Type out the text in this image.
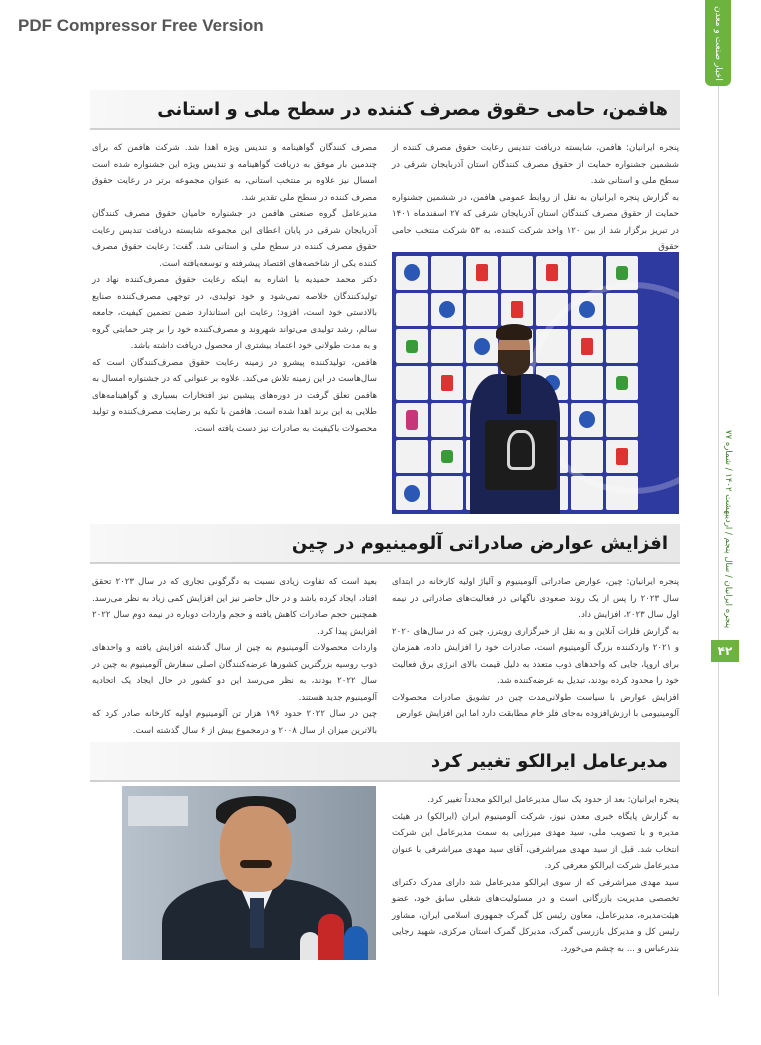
PDF Compressor Free Version	اخبار صنعت و معدن
پنجره ایرانیان / سال پنجم / اردیبهشت ۱۴۰۲ / شماره ۷۷
۴۲
هافمن، حامی حقوق مصرف کننده در سطح ملی و استانی

پنجره ایرانیان: هافمن، شایسته دریافت تندیس رعایت حقوق مصرف کننده از ششمین جشنواره حمایت از حقوق مصرف کنندگان استان آذربایجان شرقی در سطح ملی و استانی شد.

به گزارش پنجره ایرانیان به نقل از روابط عمومی هافمن، در ششمین جشنواره حمایت از حقوق مصرف کنندگان استان آذربایجان شرقی که ۲۷ اسفندماه ۱۴۰۱ در تبریز برگزار شد از بین ۱۲۰ واحد شرکت کننده، به ۵۳ شرکت منتخب حامی حقوق

مصرف کنندگان گواهینامه و تندیس ویژه اهدا شد. شرکت هافمن که برای چندمین بار موفق به دریافت گواهینامه و تندیس ویژه این جشنواره شده است امسال نیز علاوه بر منتخب استانی، به عنوان مجموعه برتر در رعایت حقوق مصرف کننده در سطح ملی تقدیر شد.

مدیرعامل گروه صنعتی هافمن در جشنواره حامیان حقوق مصرف کنندگان آذربایجان شرقی در پایان اعطای این مجموعه شایسته دریافت تندیس رعایت حقوق مصرف کننده در سطح ملی و استانی شد. گفت: رعایت حقوق مصرف کننده یکی از شاخصه‌های اقتصاد پیشرفته و توسعه‌یافته است.

دکتر محمد حمیدیه با اشاره به اینکه رعایت حقوق مصرف‌کننده نهاد در تولیدکنندگان خلاصه نمی‌شود و خود تولیدی، در توجهی مصرف‌کننده صنایع بالادستی خود است، افزود: رعایت این استاندارد ضمن تضمین کیفیت، جامعه سالم، رشد تولیدی می‌تواند شهروند و مصرف‌کننده خود را بر چتر حمایتی گروه و به مدت طولانی خود اعتماد بیشتری از محصول دریافت داشته باشد.

هافمن، تولیدکننده پیشرو در زمینه رعایت حقوق مصرف‌کنندگان است که سال‌هاست در این زمینه تلاش می‌کند. علاوه بر عنوانی که در جشنواره امسال به هافمن تعلق گرفت در دوره‌های پیشین نیز افتخارات بسیاری و گواهینامه‌های طلایی به این برند اهدا شده است. هافمن با تکیه بر رضایت مصرف‌کننده و تولید محصولات باکیفیت به صادرات نیز دست یافته است.

افزایش عوارض صادراتی آلومینیوم در چین

پنجره ایرانیان: چین، عوارض صادراتی آلومینیوم و آلیاژ اولیه کارخانه در ابتدای سال ۲۰۲۳ را پس از یک روند صعودی ناگهانی در فعالیت‌های صادراتی در نیمه اول سال ۲۰۲۳، افزایش داد.

به گزارش فلزات آنلاین و به نقل از خبرگزاری رویترز، چین که در سال‌های ۲۰۲۰ و ۲۰۲۱ واردکننده بزرگ آلومینیوم است، صادرات خود را افزایش داده، همزمان برای اروپا، جایی که واحدهای ذوب متعدد به دلیل قیمت بالای انرژی برق فعالیت خود را محدود کرده بودند، تبدیل به عرضه‌کننده شد.

افزایش عوارض با سیاست طولانی‌مدت چین در تشویق صادرات محصولات آلومینیومی با ارزش‌افزوده به‌جای فلز خام مطابقت دارد اما این افزایش عوارض

بعید است که تفاوت زیادی نسبت به دگرگونی تجاری که در سال ۲۰۲۳ تحقق افتاد، ایجاد کرده باشد و در حال حاضر نیز این افزایش کمی زیاد به نظر می‌رسد. همچنین حجم صادرات کاهش یافته و حجم واردات دوباره در نیمه دوم سال ۲۰۲۲ افزایش پیدا کرد.

واردات محصولات آلومینیوم به چین از سال گذشته افزایش یافته و واحدهای ذوب روسیه بزرگترین کشورها عرضه‌کنندگان اصلی سفارش آلومینیوم به چین در سال ۲۰۲۲ بودند، به نظر می‌رسد این دو کشور در حال ایجاد یک اتحادیه آلومینیوم جدید هستند.

چین در سال ۲۰۲۲ حدود ۱۹۶ هزار تن آلومینیوم اولیه کارخانه صادر کرد که بالاترین میزان از سال ۲۰۰۸ و درمجموع بیش از ۶ سال گذشته است.

مدیرعامل ایرالکو تغییر کرد

پنجره ایرانیان: بعد از حدود یک سال مدیرعامل ایرالکو مجدداً تغییر کرد.

به گزارش پایگاه خبری معدن نیوز، شرکت آلومینیوم ایران (ایرالکو) در هیئت مدیره و با تصویب ملی، سید مهدی میرزایی به سمت مدیرعامل این شرکت انتخاب شد. قبل از سید مهدی میراشرفی، آقای سید مهدی میراشرفی با عنوان مدیرعامل شرکت ایرالکو معرفی کرد.

سید مهدی میراشرفی که از سوی ایرالکو مدیرعامل شد دارای مدرک دکترای تخصصی مدیریت بازرگانی است و در مسئولیت‌های شغلی سابق خود، عضو هیئت‌مدیره، مدیرعامل، معاون رئیس کل گمرک جمهوری اسلامی ایران، مشاور رئیس کل و مدیرکل بازرسی گمرک، مدیرکل گمرک استان مرکزی، شهید رجایی بندرعباس و ... به چشم می‌خورد.
